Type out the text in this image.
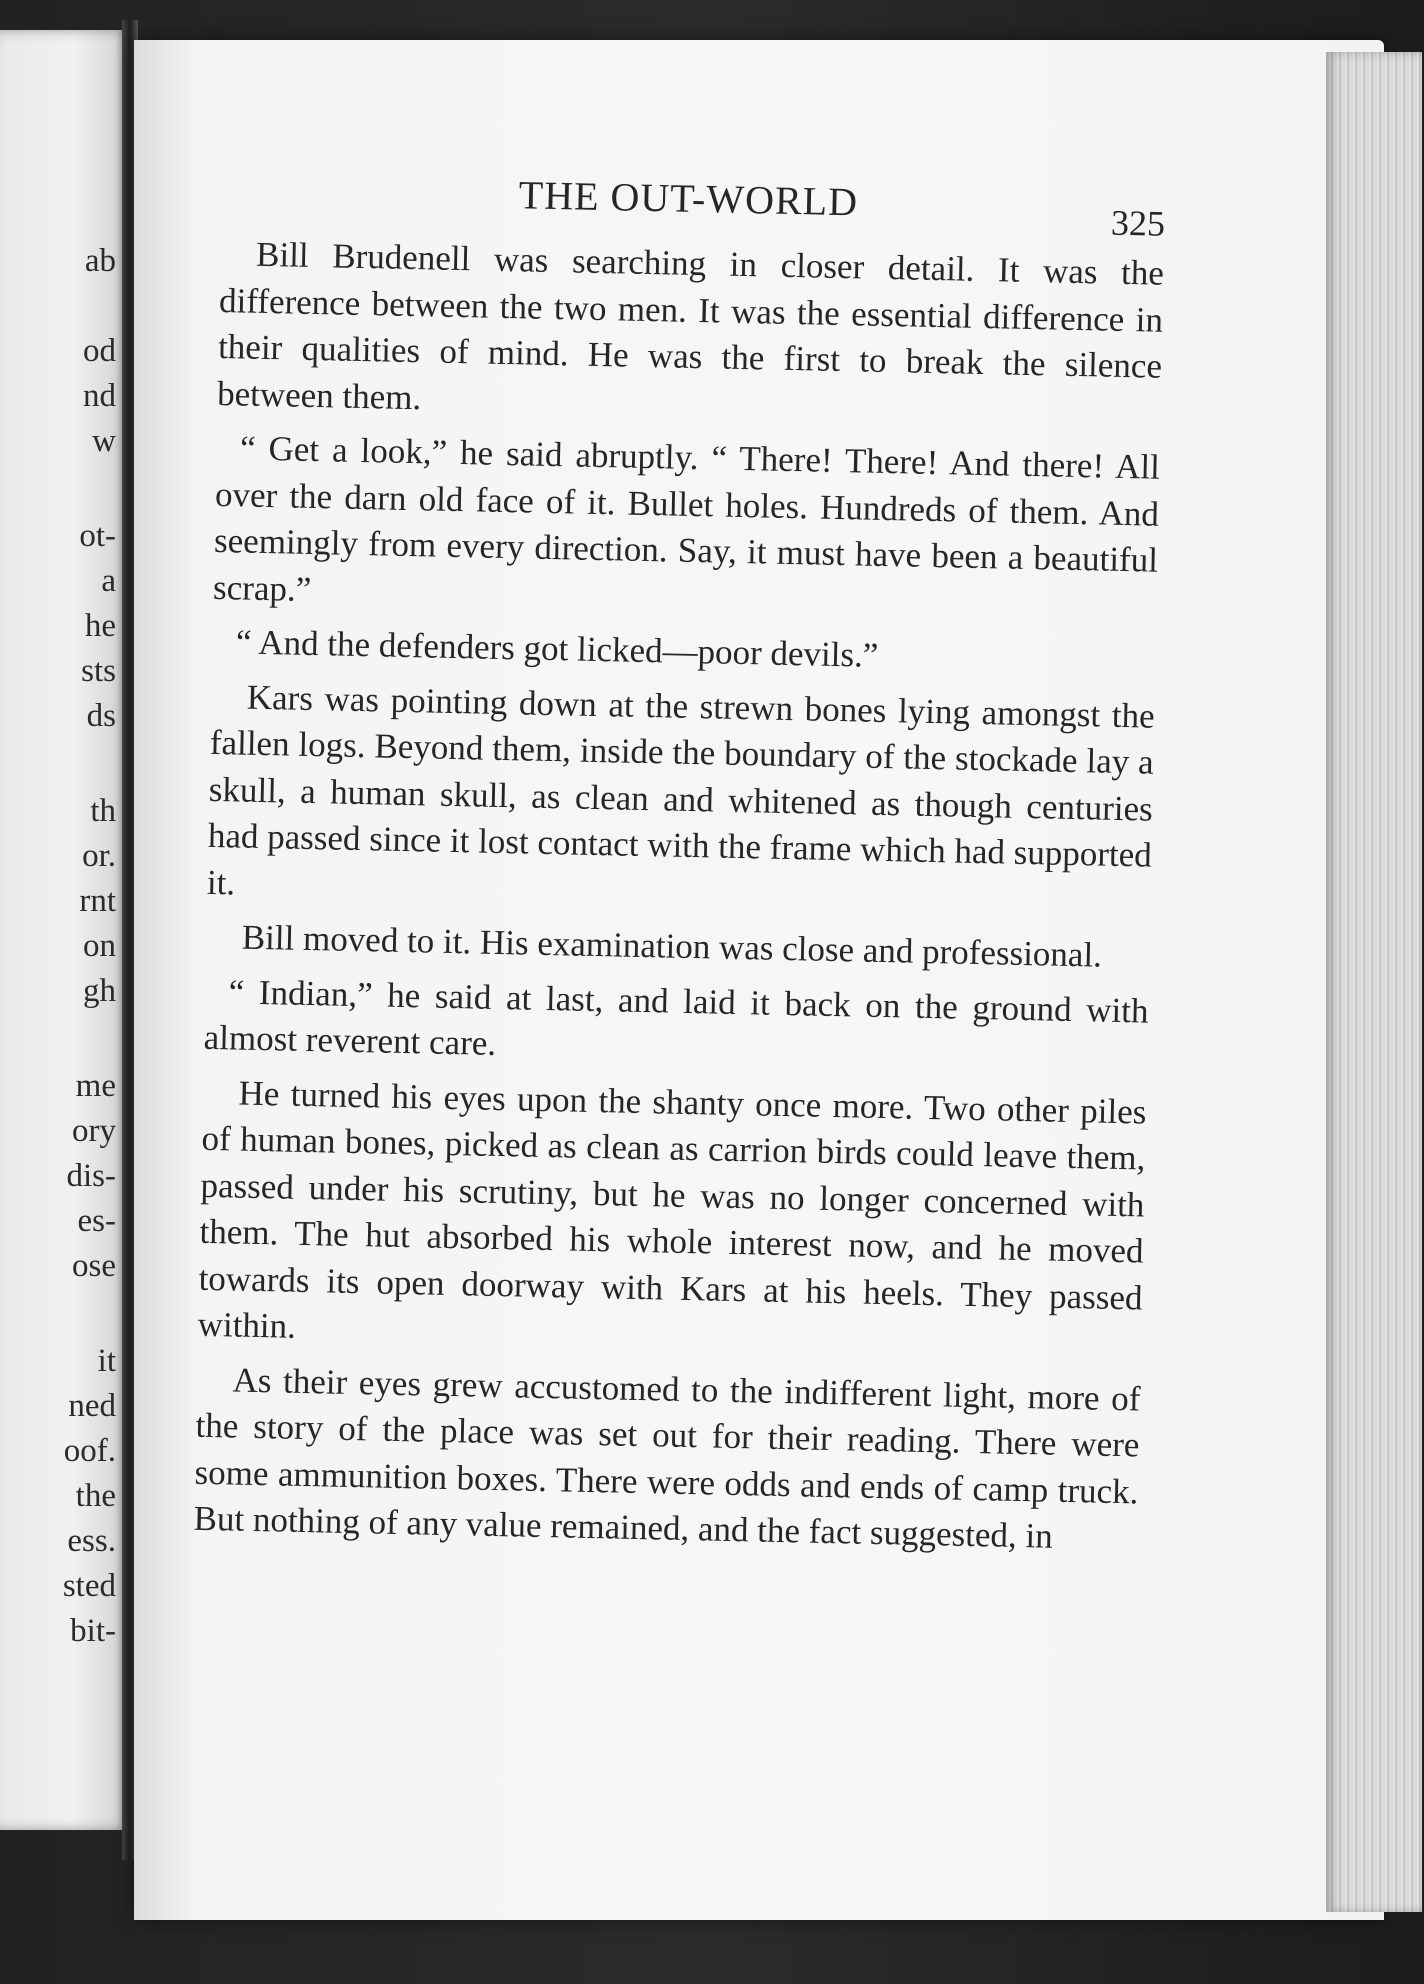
ab
od
nd
w
ot-
a
he
sts
ds
th
or.
rnt
on
gh
me
ory
dis-
es-
ose
it
ned
oof.
the
ess.
sted
bit-
THE OUT-WORLD	325

Bill Brudenell was searching in closer detail. It was the difference between the two men. It was the essential difference in their qualities of mind. He was the first to break the silence between them.

“ Get a look,” he said abruptly. “ There! There! And there! All over the darn old face of it. Bullet holes. Hundreds of them. And seemingly from every direction. Say, it must have been a beautiful scrap.”

“ And the defenders got licked—poor devils.”

Kars was pointing down at the strewn bones lying amongst the fallen logs. Beyond them, inside the boundary of the stockade lay a skull, a human skull, as clean and whitened as though centuries had passed since it lost contact with the frame which had supported it.

Bill moved to it. His examination was close and professional.

“ Indian,” he said at last, and laid it back on the ground with almost reverent care.

He turned his eyes upon the shanty once more. Two other piles of human bones, picked as clean as carrion birds could leave them, passed under his scrutiny, but he was no longer concerned with them. The hut absorbed his whole interest now, and he moved towards its open doorway with Kars at his heels. They passed within.

As their eyes grew accustomed to the indifferent light, more of the story of the place was set out for their reading. There were some ammunition boxes. There were odds and ends of camp truck. But nothing of any value remained, and the fact suggested, in
